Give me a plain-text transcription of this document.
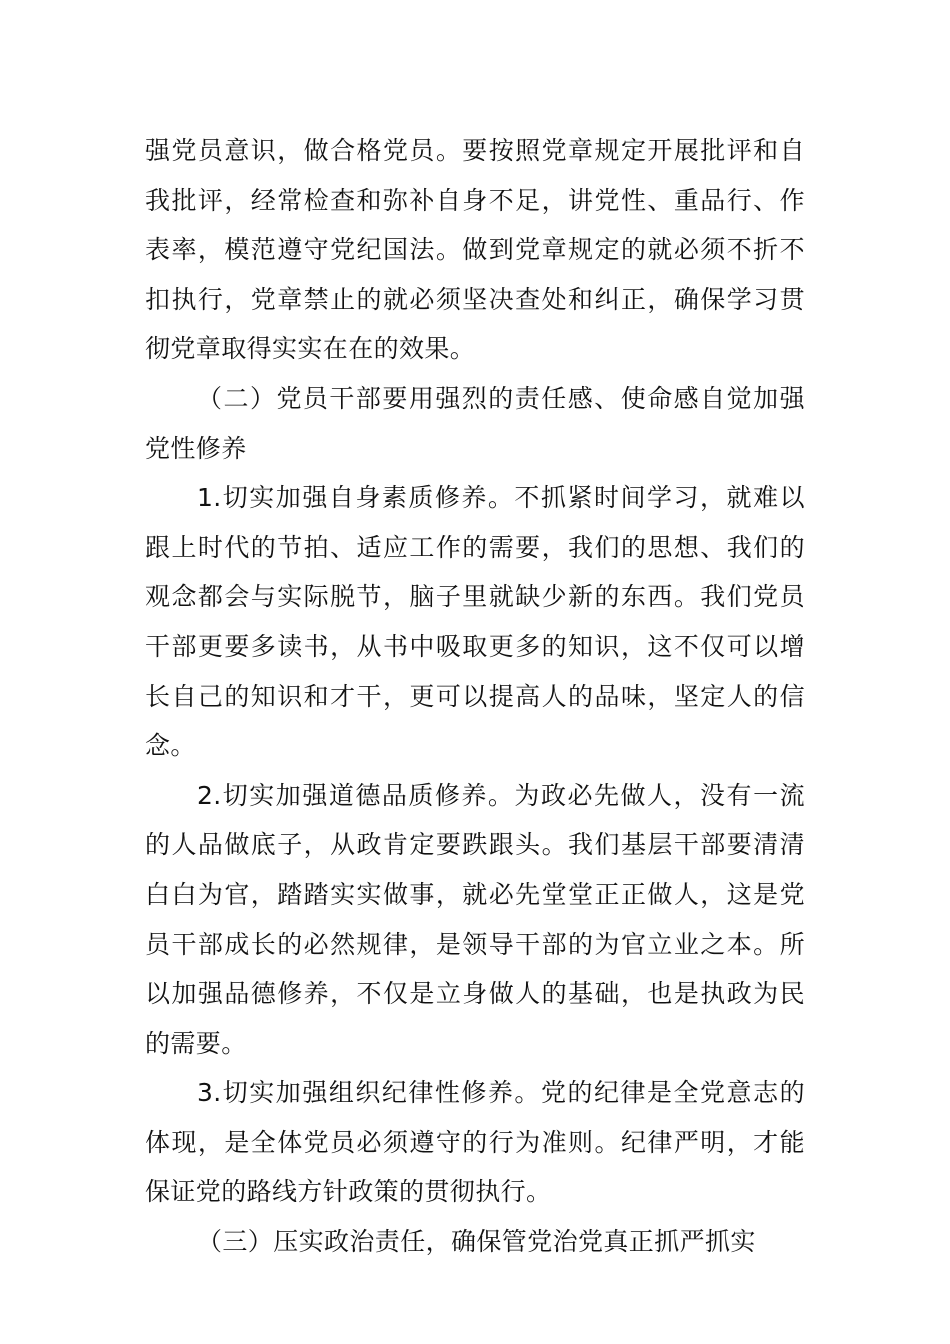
强党员意识，做合格党员。要按照党章规定开展批评和自我批评，经常检查和弥补自身不足，讲党性、重品行、作表率，模范遵守党纪国法。做到党章规定的就必须不折不扣执行，党章禁止的就必须坚决查处和纠正，确保学习贯彻党章取得实实在在的效果。

（二）党员干部要用强烈的责任感、使命感自觉加强党性修养

1.切实加强自身素质修养。不抓紧时间学习，就难以跟上时代的节拍、适应工作的需要，我们的思想、我们的观念都会与实际脱节，脑子里就缺少新的东西。我们党员干部更要多读书，从书中吸取更多的知识，这不仅可以增长自己的知识和才干，更可以提高人的品味，坚定人的信念。

2.切实加强道德品质修养。为政必先做人，没有一流的人品做底子，从政肯定要跌跟头。我们基层干部要清清白白为官，踏踏实实做事，就必先堂堂正正做人，这是党员干部成长的必然规律，是领导干部的为官立业之本。所以加强品德修养，不仅是立身做人的基础，也是执政为民的需要。

3.切实加强组织纪律性修养。党的纪律是全党意志的体现，是全体党员必须遵守的行为准则。纪律严明，才能保证党的路线方针政策的贯彻执行。

（三）压实政治责任，确保管党治党真正抓严抓实
